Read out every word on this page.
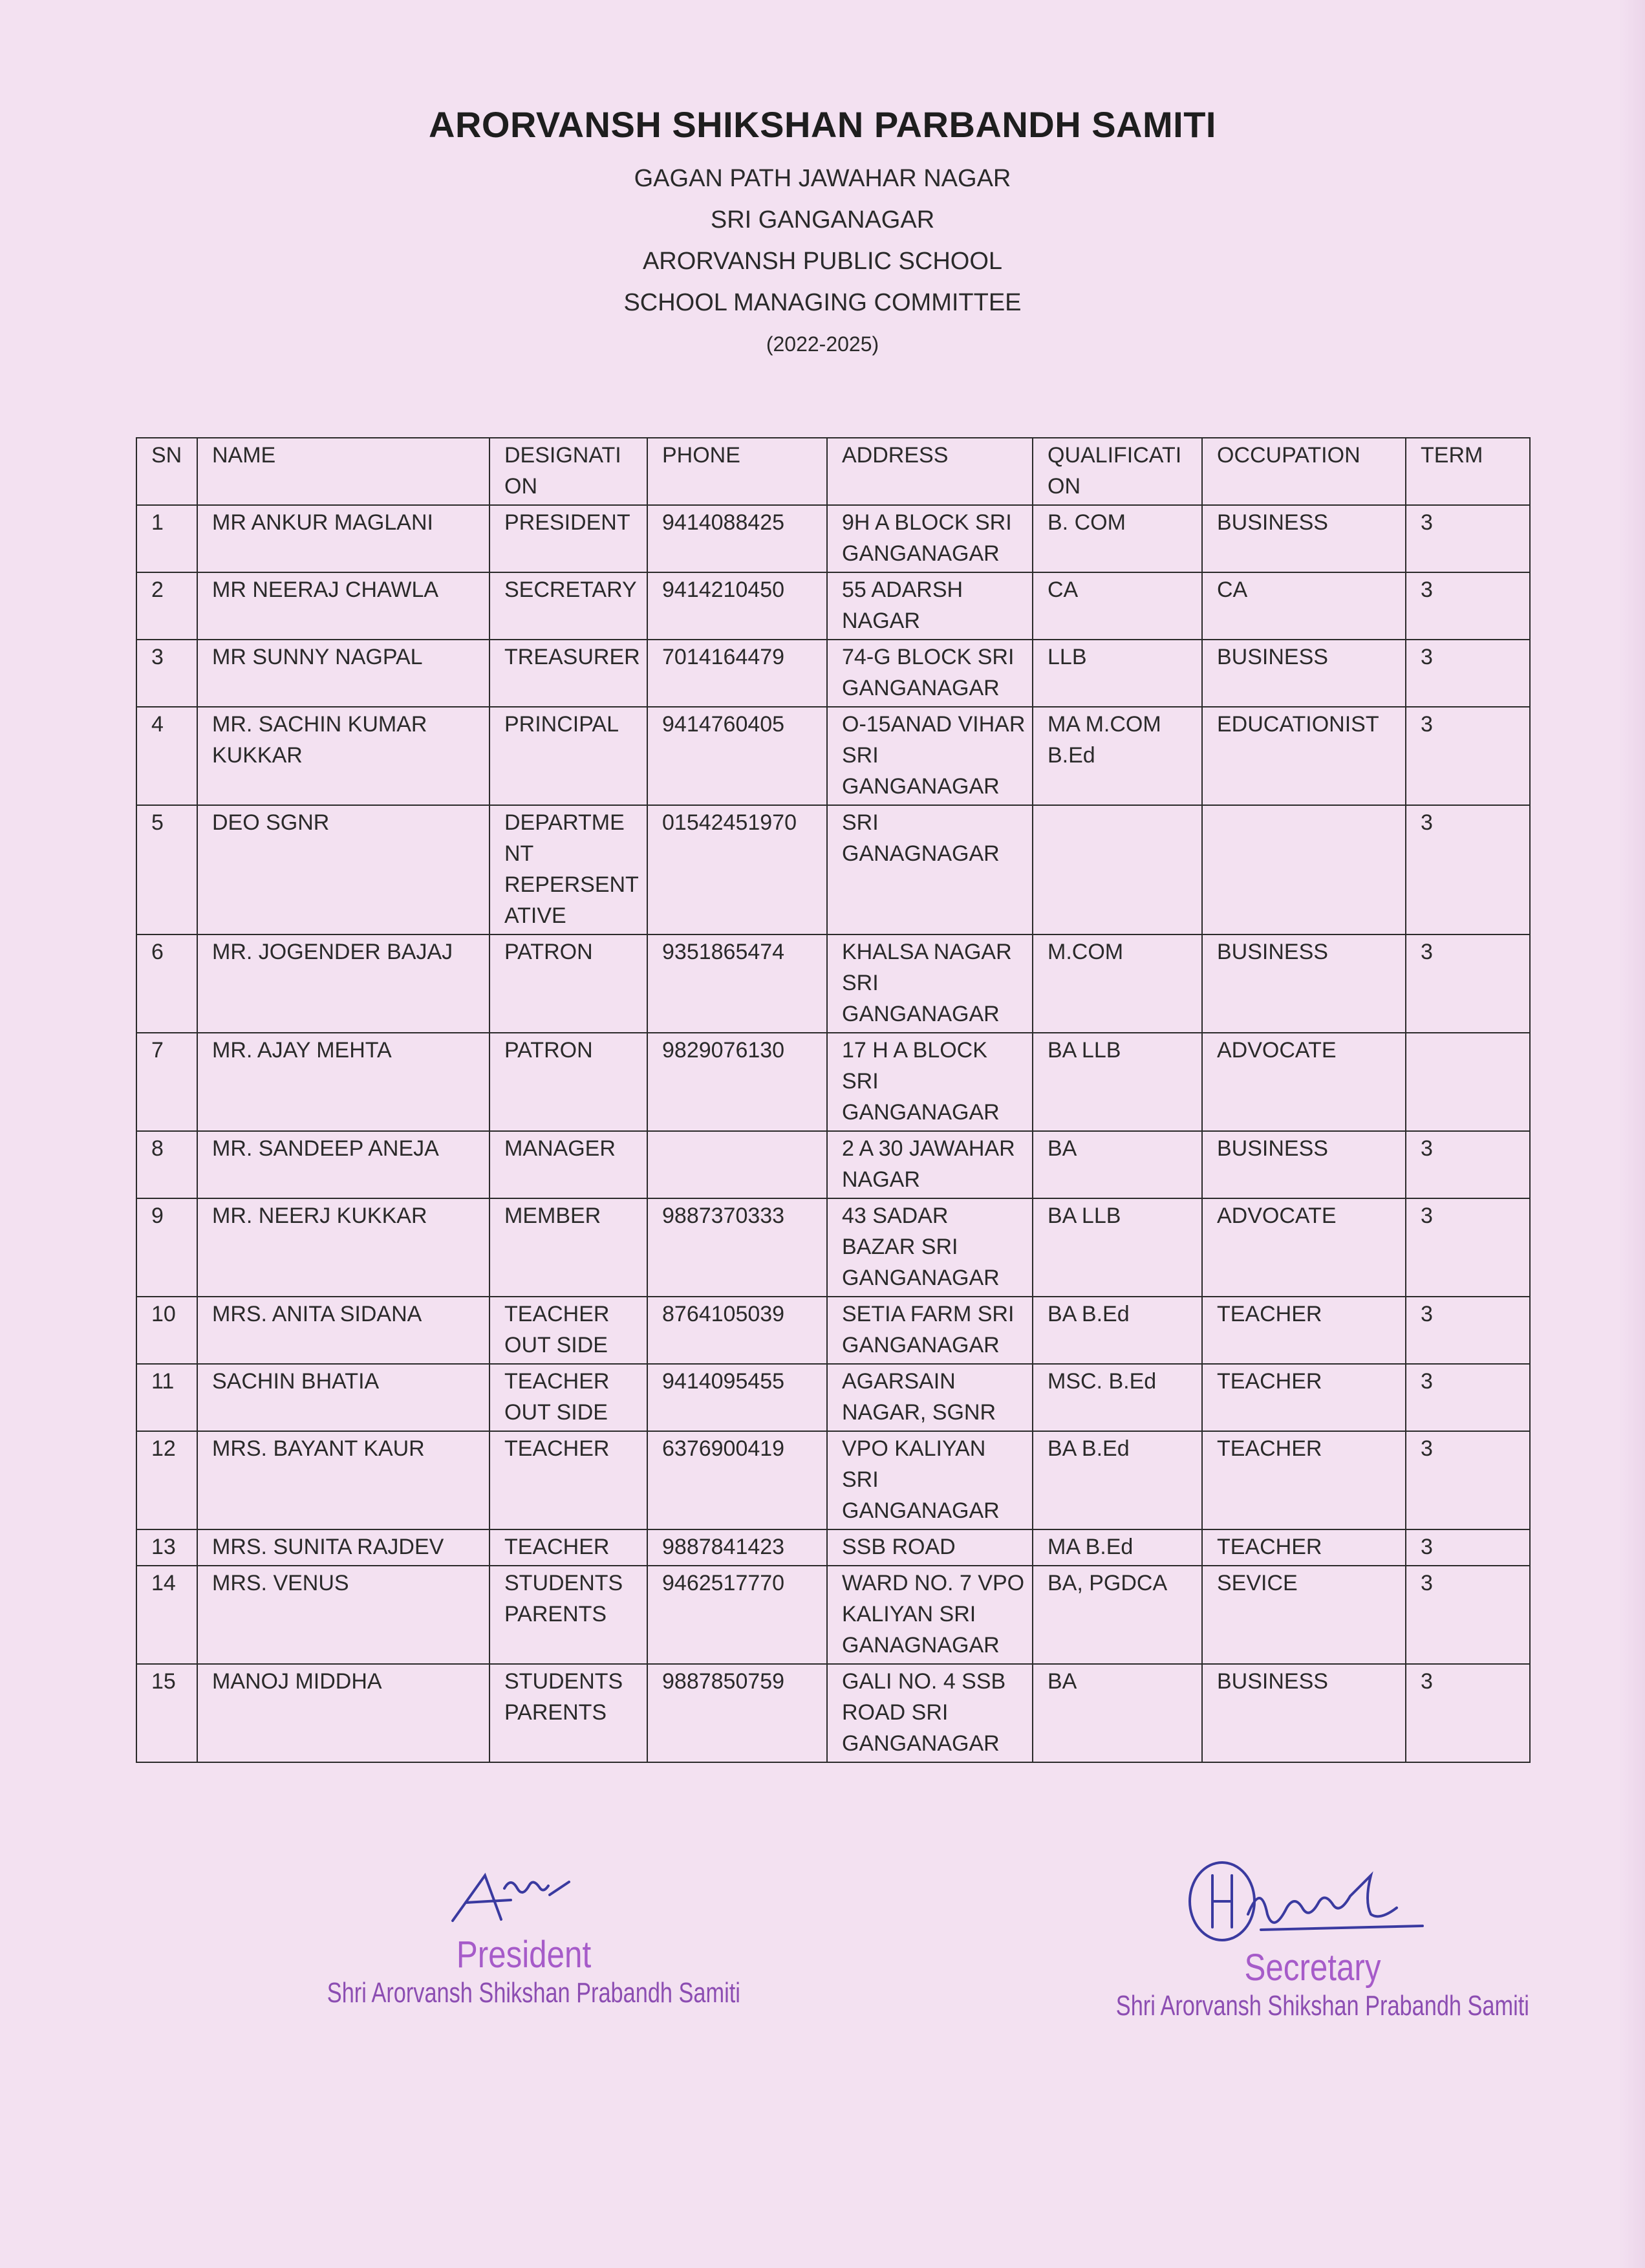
ARORVANSH SHIKSHAN PARBANDH SAMITI
GAGAN PATH JAWAHAR NAGAR
SRI GANGANAGAR
ARORVANSH PUBLIC SCHOOL
SCHOOL MANAGING COMMITTEE
(2022-2025)
SN	NAME	DESIGNATI ON	PHONE	ADDRESS	QUALIFICATI ON	OCCUPATION	TERM
1	MR ANKUR MAGLANI	PRESIDENT	9414088425	9H A BLOCK SRI GANGANAGAR	B. COM	BUSINESS	3
2	MR NEERAJ CHAWLA	SECRETARY	9414210450	55 ADARSH NAGAR	CA	CA	3
3	MR SUNNY NAGPAL	TREASURER	7014164479	74-G BLOCK SRI GANGANAGAR	LLB	BUSINESS	3
4	MR. SACHIN KUMAR KUKKAR	PRINCIPAL	9414760405	O-15ANAD VIHAR SRI GANGANAGAR	MA M.COM B.Ed	EDUCATIONIST	3
5	DEO SGNR	DEPARTME NT REPERSENT ATIVE	01542451970	SRI GANAGNAGAR			3
6	MR. JOGENDER BAJAJ	PATRON	9351865474	KHALSA NAGAR SRI GANGANAGAR	M.COM	BUSINESS	3
7	MR. AJAY MEHTA	PATRON	9829076130	17 H A BLOCK SRI GANGANAGAR	BA LLB	ADVOCATE	
8	MR. SANDEEP ANEJA	MANAGER		2 A 30 JAWAHAR NAGAR	BA	BUSINESS	3
9	MR. NEERJ KUKKAR	MEMBER	9887370333	43 SADAR BAZAR SRI GANGANAGAR	BA LLB	ADVOCATE	3
10	MRS. ANITA SIDANA	TEACHER OUT SIDE	8764105039	SETIA FARM SRI GANGANAGAR	BA B.Ed	TEACHER	3
11	SACHIN BHATIA	TEACHER OUT SIDE	9414095455	AGARSAIN NAGAR, SGNR	MSC. B.Ed	TEACHER	3
12	MRS. BAYANT KAUR	TEACHER	6376900419	VPO KALIYAN SRI GANGANAGAR	BA B.Ed	TEACHER	3
13	MRS. SUNITA RAJDEV	TEACHER	9887841423	SSB ROAD	MA B.Ed	TEACHER	3
14	MRS. VENUS	STUDENTS PARENTS	9462517770	WARD NO. 7 VPO KALIYAN SRI GANAGNAGAR	BA, PGDCA	SEVICE	3
15	MANOJ MIDDHA	STUDENTS PARENTS	9887850759	GALI NO. 4 SSB ROAD SRI GANGANAGAR	BA	BUSINESS	3
President
Shri Arorvansh Shikshan Prabandh Samiti
Secretary
Shri Arorvansh Shikshan Prabandh Samiti
